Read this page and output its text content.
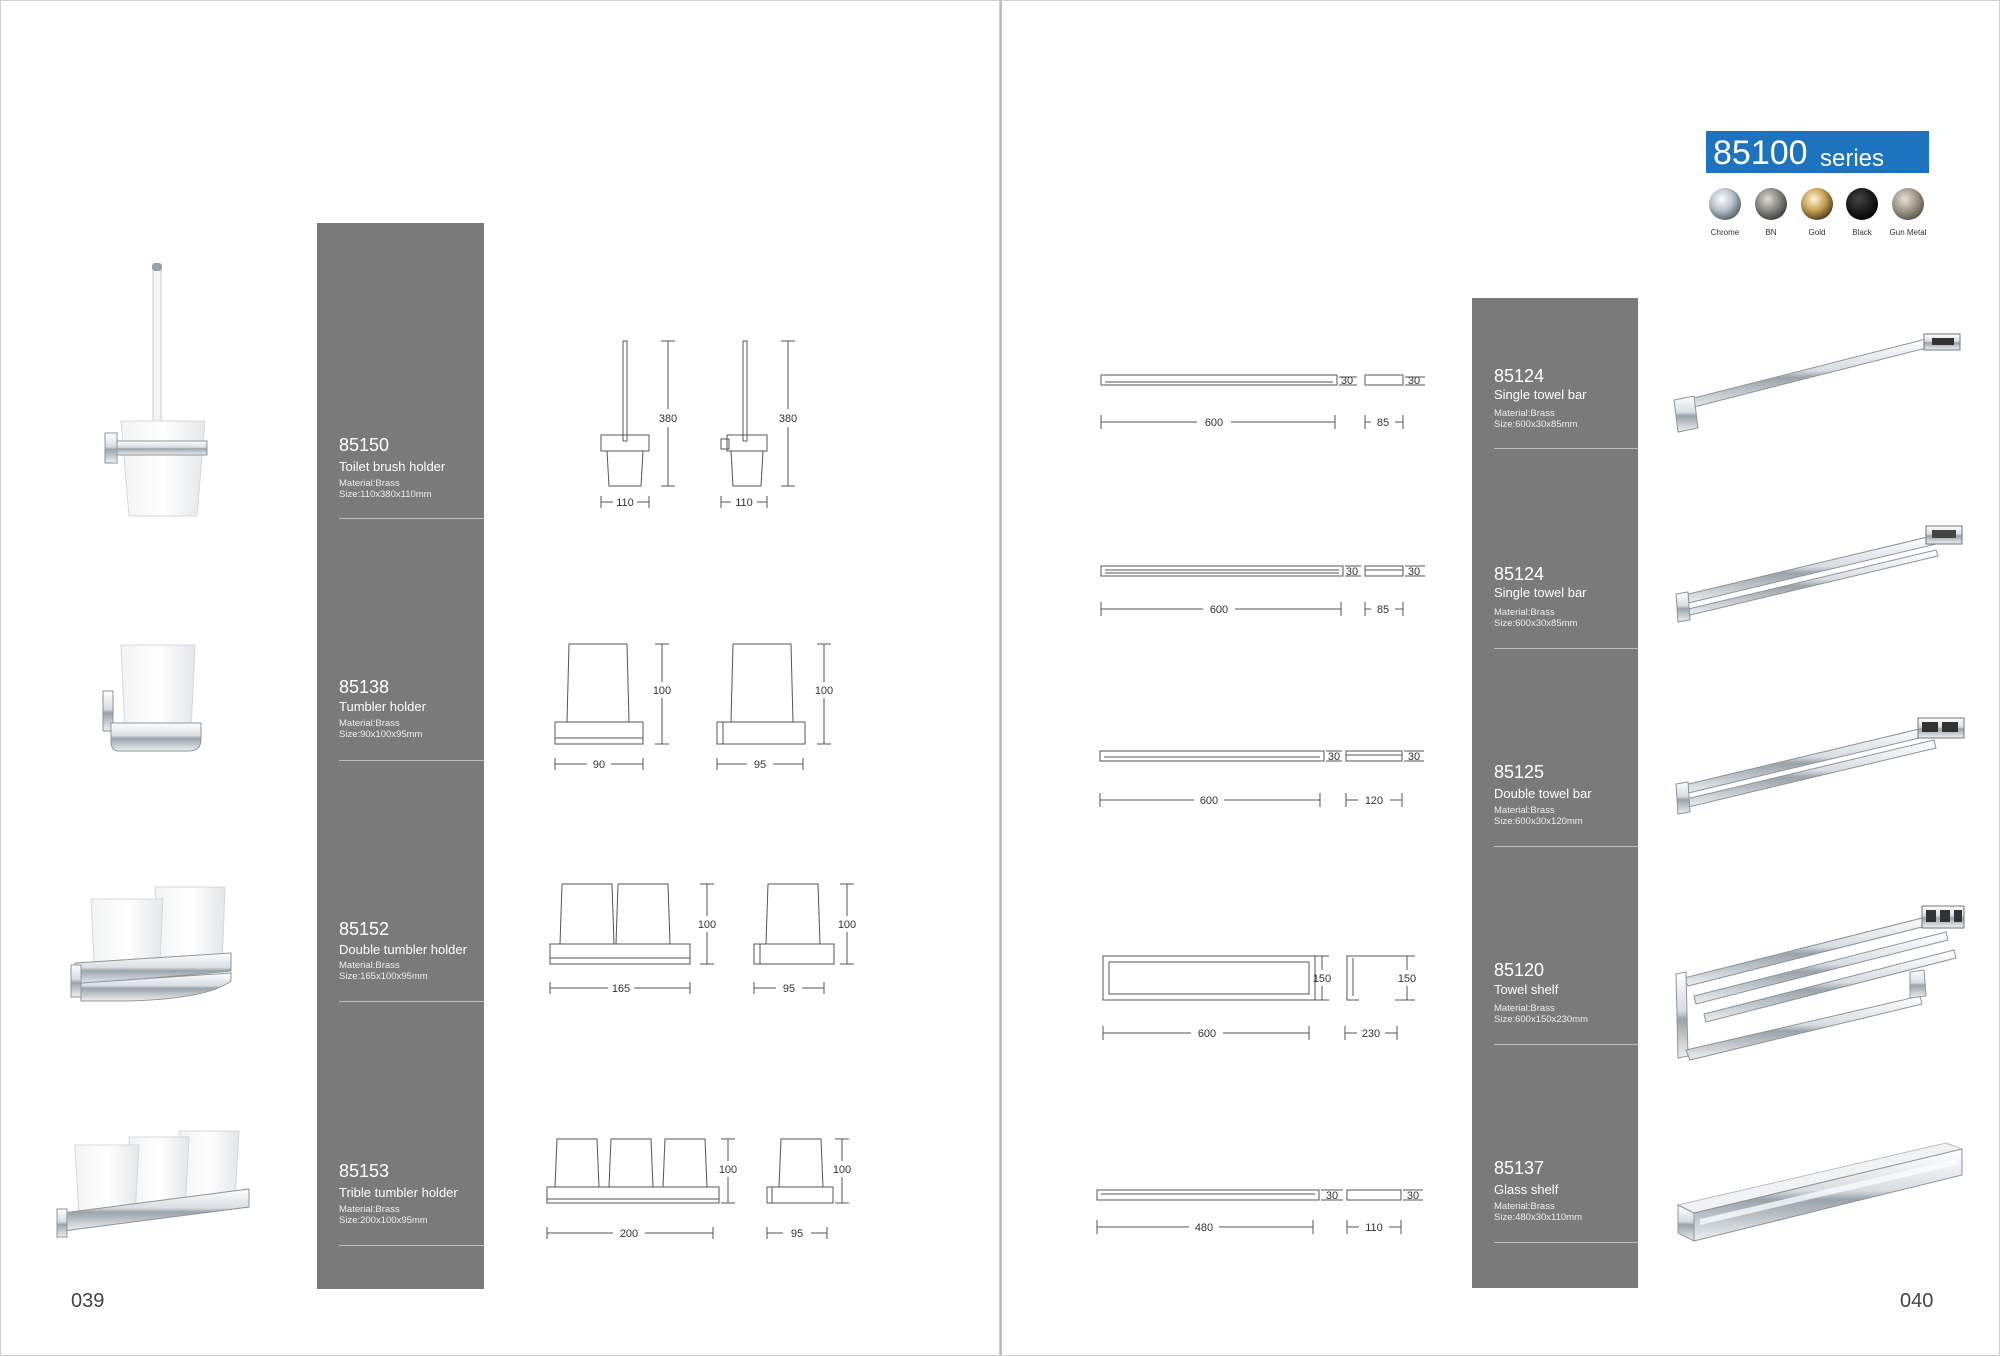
85150
Toilet brush holder
Material:Brass
Size:110x380x110mm
85138
Tumbler holder
Material:Brass
Size:90x100x95mm
85152
Double tumbler holder
Material:Brass
Size:165x100x95mm
85153
Trible tumbler holder
Material:Brass
Size:200x100x95mm
380	380
110	110
100	100
90	95
100	100
165	95
100	100
200	95
039	040
85100 series
Chrome	BN	Gold	Black	Gun Metal
85124
Single towel bar
Material:Brass
Size:600x30x85mm
85124
Single towel bar
Material:Brass
Size:600x30x85mm
85125
Double towel bar
Material:Brass
Size:600x30x120mm
85120
Towel shelf
Material:Brass
Size:600x150x230mm
85137
Glass shelf
Material:Brass
Size:480x30x110mm
30	30
600	85
30	30
600	85
30	30
600	120
150	150
600	230
30	30
480	110
